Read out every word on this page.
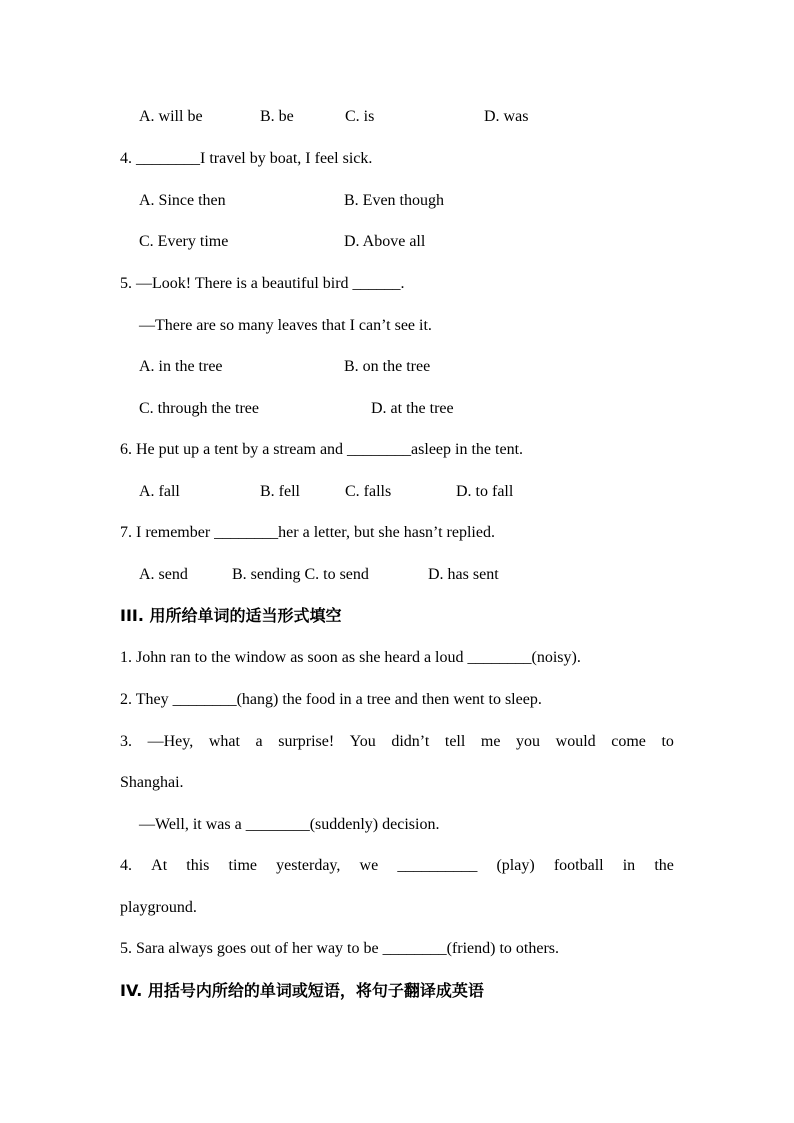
A. will be	B. be	C. is	D. was
4. ________I travel by boat, I feel sick.
A. Since then	B. Even though
C. Every time	D. Above all
5. —Look! There is a beautiful bird ______.
—There are so many leaves that I can’t see it.
A. in the tree	B. on the tree
C. through the tree	D. at the tree
6. He put up a tent by a stream and ________asleep in the tent.
A. fall	B. fell	C. falls	D. to fall
7. I remember ________her a letter, but she hasn’t replied.
A. send	B. sending C. to send	D. has sent
III. 用所给单词的适当形式填空
1. John ran to the window as soon as she heard a loud ________(noisy).
2. They ________(hang) the food in a tree and then went to sleep.
3. —Hey, what a surprise! You didn’t tell me you would come to
Shanghai.
—Well, it was a ________(suddenly) decision.
4. At this time yesterday, we __________ (play) football in the
playground.
5. Sara always goes out of her way to be ________(friend) to others.
IV. 用括号内所给的单词或短语，将句子翻译成英语
